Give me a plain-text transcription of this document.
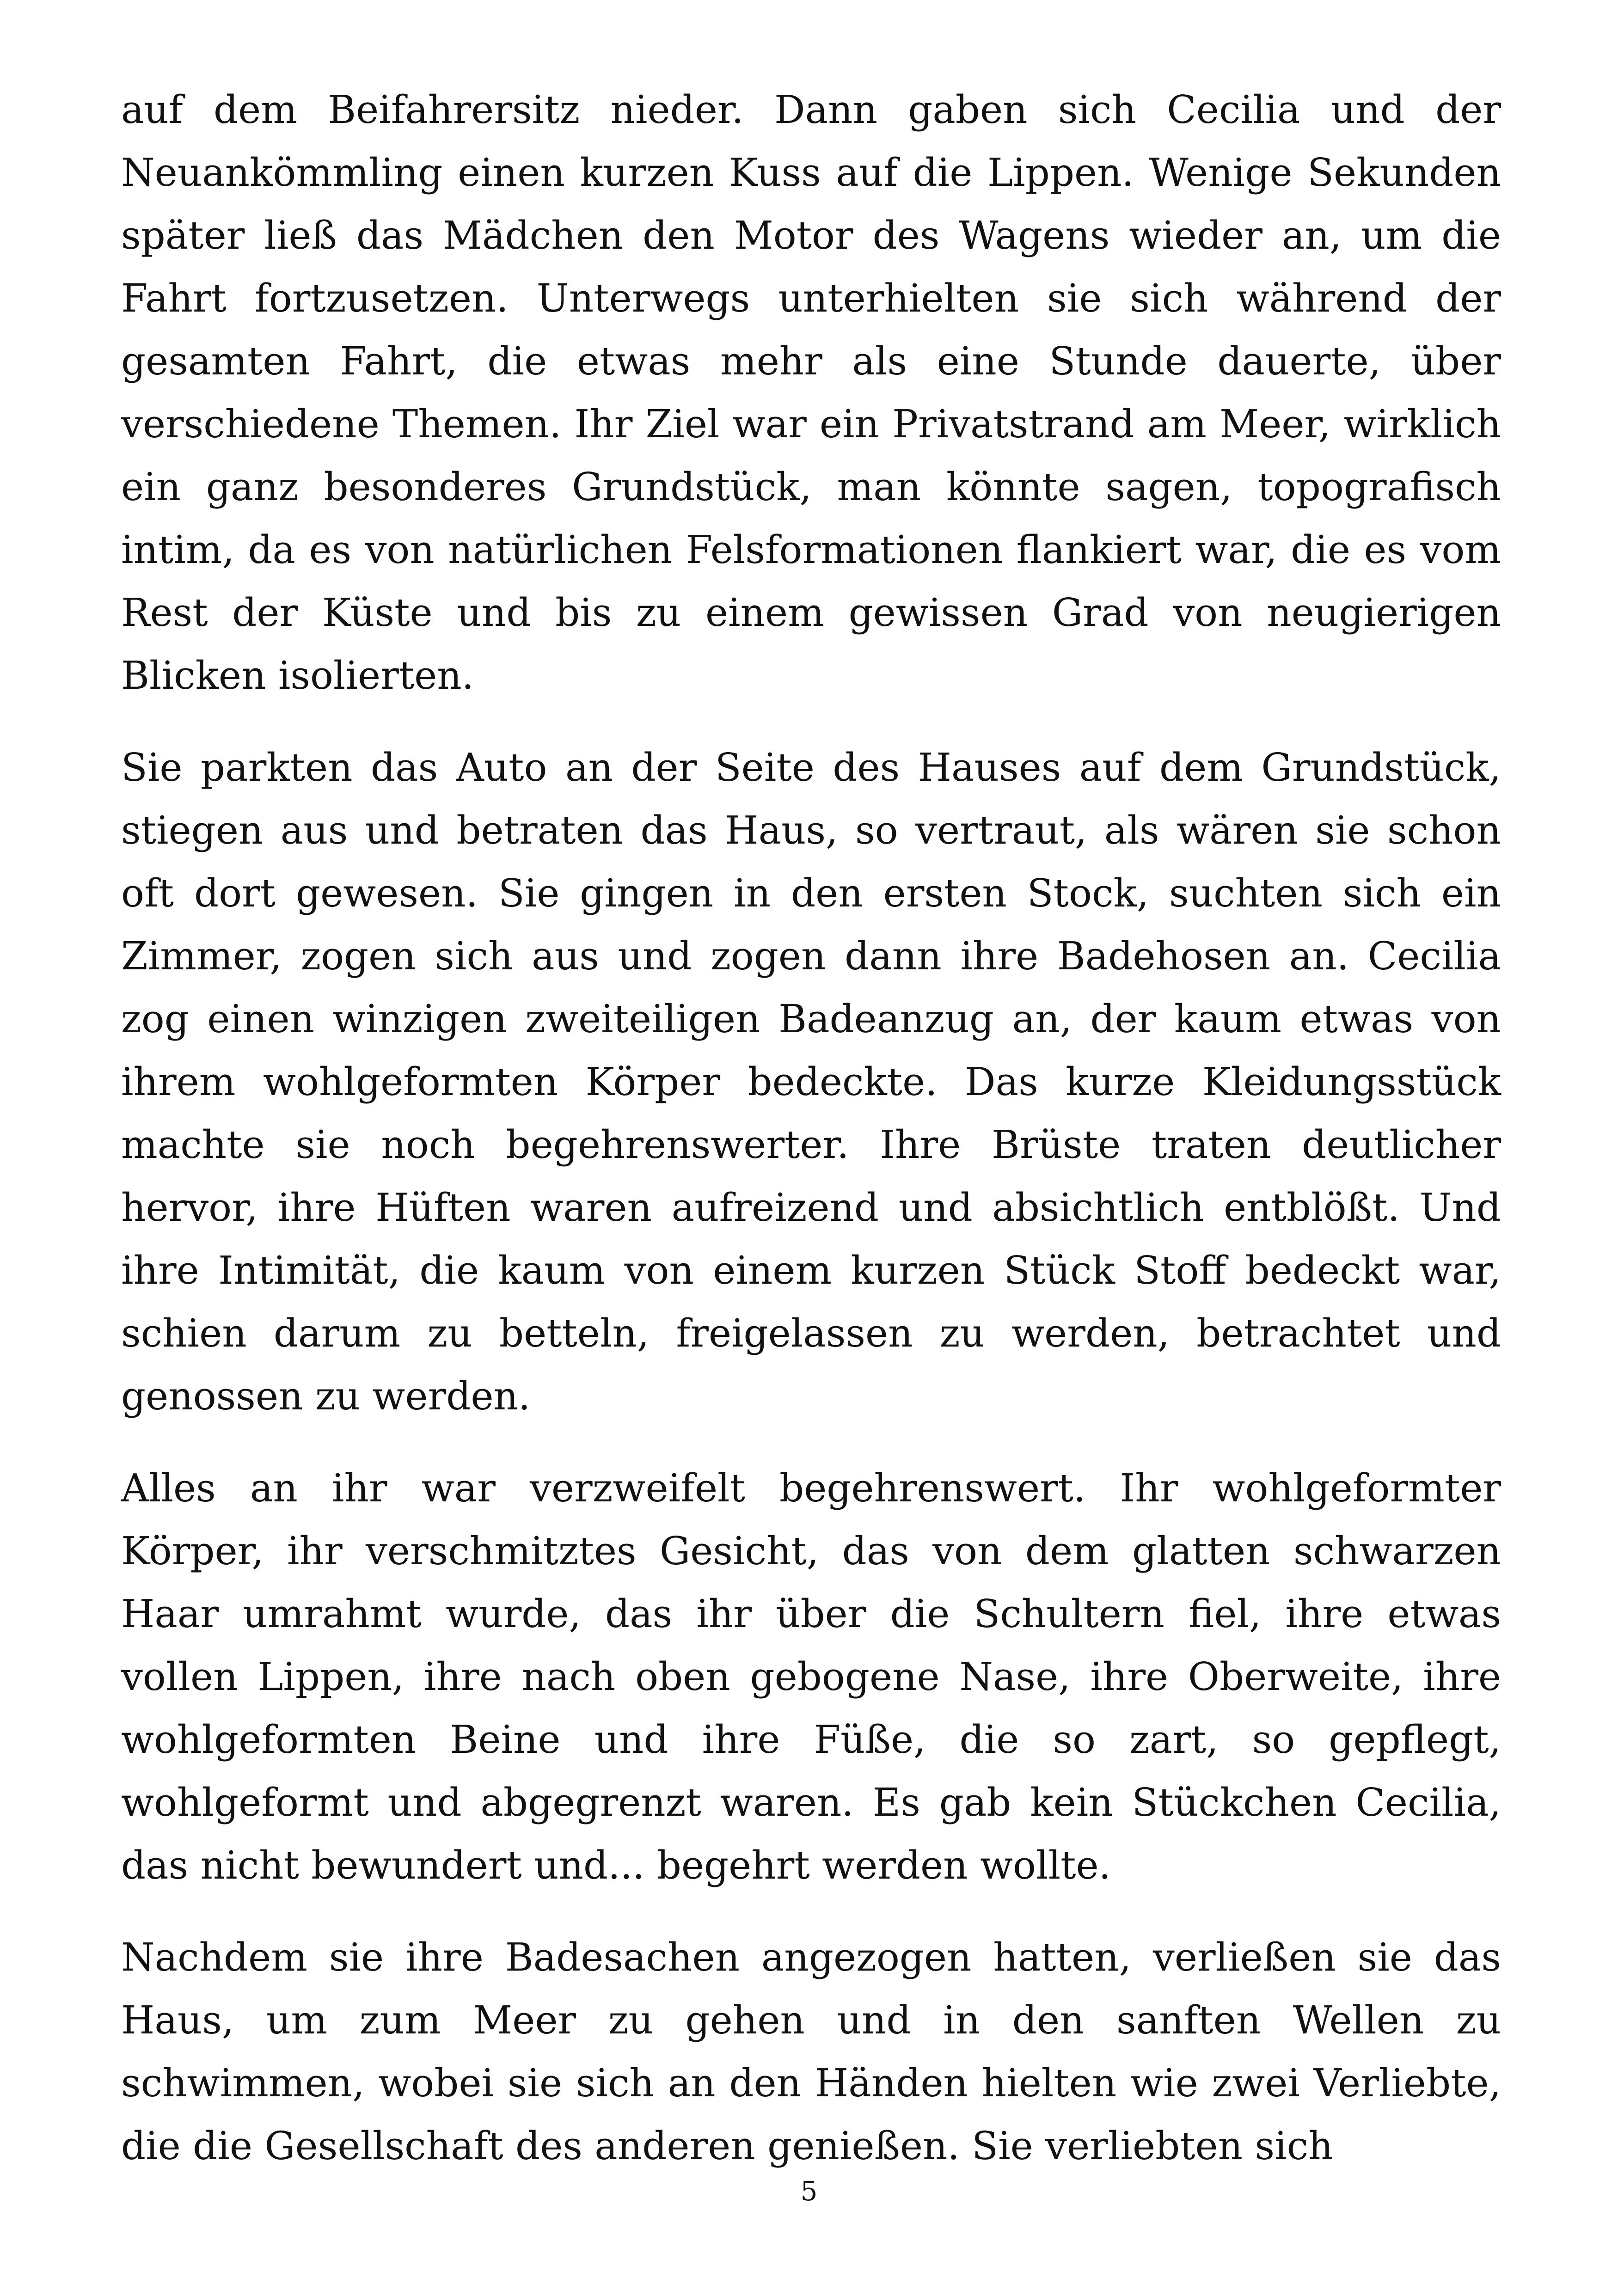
auf dem Beifahrersitz nieder. Dann gaben sich Cecilia und der Neuankömmling einen kurzen Kuss auf die Lippen. Wenige Sekunden später ließ das Mädchen den Motor des Wagens wieder an, um die Fahrt fortzusetzen. Unterwegs unterhielten sie sich während der gesamten Fahrt, die etwas mehr als eine Stunde dauerte, über verschiedene Themen. Ihr Ziel war ein Privatstrand am Meer, wirklich ein ganz besonderes Grundstück, man könnte sagen, topografisch intim, da es von natürlichen Felsformationen flankiert war, die es vom Rest der Küste und bis zu einem gewissen Grad von neugierigen Blicken isolierten.

Sie parkten das Auto an der Seite des Hauses auf dem Grundstück, stiegen aus und betraten das Haus, so vertraut, als wären sie schon oft dort gewesen. Sie gingen in den ersten Stock, suchten sich ein Zimmer, zogen sich aus und zogen dann ihre Badehosen an. Cecilia zog einen winzigen zweiteiligen Badeanzug an, der kaum etwas von ihrem wohlgeformten Körper bedeckte. Das kurze Kleidungsstück machte sie noch begehrenswerter. Ihre Brüste traten deutlicher hervor, ihre Hüften waren aufreizend und absichtlich entblößt. Und ihre Intimität, die kaum von einem kurzen Stück Stoff bedeckt war, schien darum zu betteln, freigelassen zu werden, betrachtet und genossen zu werden.

Alles an ihr war verzweifelt begehrenswert. Ihr wohlgeformter Körper, ihr verschmitztes Gesicht, das von dem glatten schwarzen Haar umrahmt wurde, das ihr über die Schultern fiel, ihre etwas vollen Lippen, ihre nach oben gebogene Nase, ihre Oberweite, ihre wohlgeformten Beine und ihre Füße, die so zart, so gepflegt, wohlgeformt und abgegrenzt waren. Es gab kein Stückchen Cecilia, das nicht bewundert und... begehrt werden wollte.

Nachdem sie ihre Badesachen angezogen hatten, verließen sie das Haus, um zum Meer zu gehen und in den sanften Wellen zu schwimmen, wobei sie sich an den Händen hielten wie zwei Verliebte, die die Gesellschaft des anderen genießen. Sie verliebten sich

5
